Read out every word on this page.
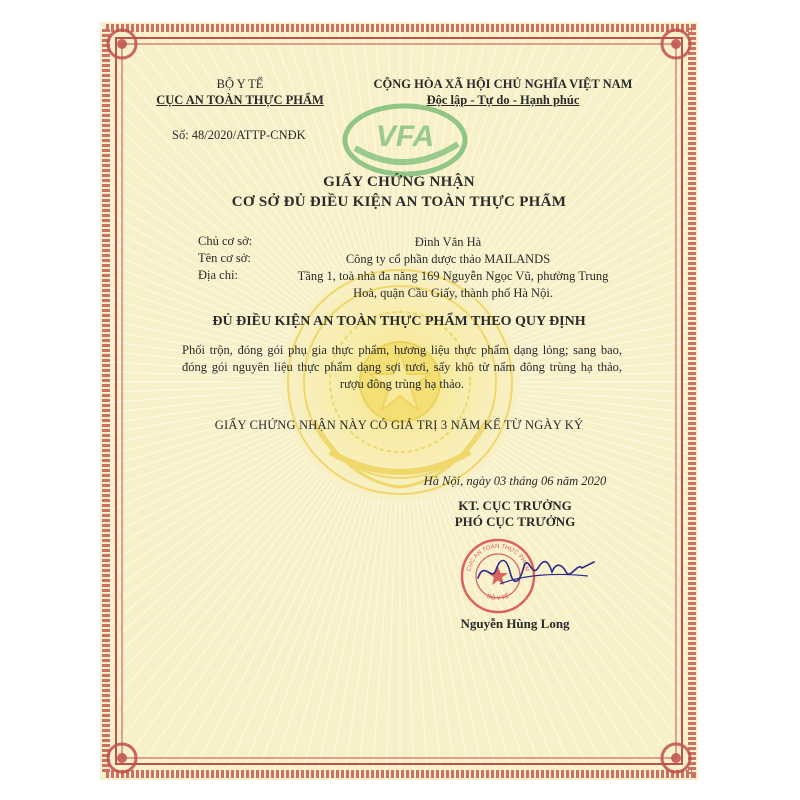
VFA
BỘ Y TẾ
CỤC AN TOÀN THỰC PHẨM
CỘNG HÒA XÃ HỘI CHỦ NGHĨA VIỆT NAM
Độc lập - Tự do - Hạnh phúc
Số: 48/2020/ATTP-CNĐK
GIẤY CHỨNG NHẬN
CƠ SỞ ĐỦ ĐIỀU KIỆN AN TOÀN THỰC PHẨM
Chủ cơ sở:	Đinh Văn Hà
Tên cơ sở:	Công ty cổ phần dược thảo MAILANDS
Địa chỉ:	Tầng 1, toà nhà đa năng 169 Nguyễn Ngọc Vũ, phường Trung Hoà, quận Cầu Giấy, thành phố Hà Nội.
ĐỦ ĐIỀU KIỆN AN TOÀN THỰC PHẨM THEO QUY ĐỊNH
Phối trộn, đóng gói phụ gia thực phẩm, hương liệu thực phẩm dạng lỏng; sang bao, đóng gói nguyên liệu thực phẩm dạng sợi tươi, sấy khô từ nấm đông trùng hạ thảo, rượu đông trùng hạ thảo.
GIẤY CHỨNG NHẬN NÀY CÓ GIÁ TRỊ 3 NĂM KỂ TỪ NGÀY KÝ
Hà Nội, ngày 03 tháng 06 năm 2020
KT. CỤC TRƯỞNG
PHÓ CỤC TRƯỞNG
CỤC AN TOÀN THỰC PHẨM
BỘ Y TẾ
Nguyễn Hùng Long
